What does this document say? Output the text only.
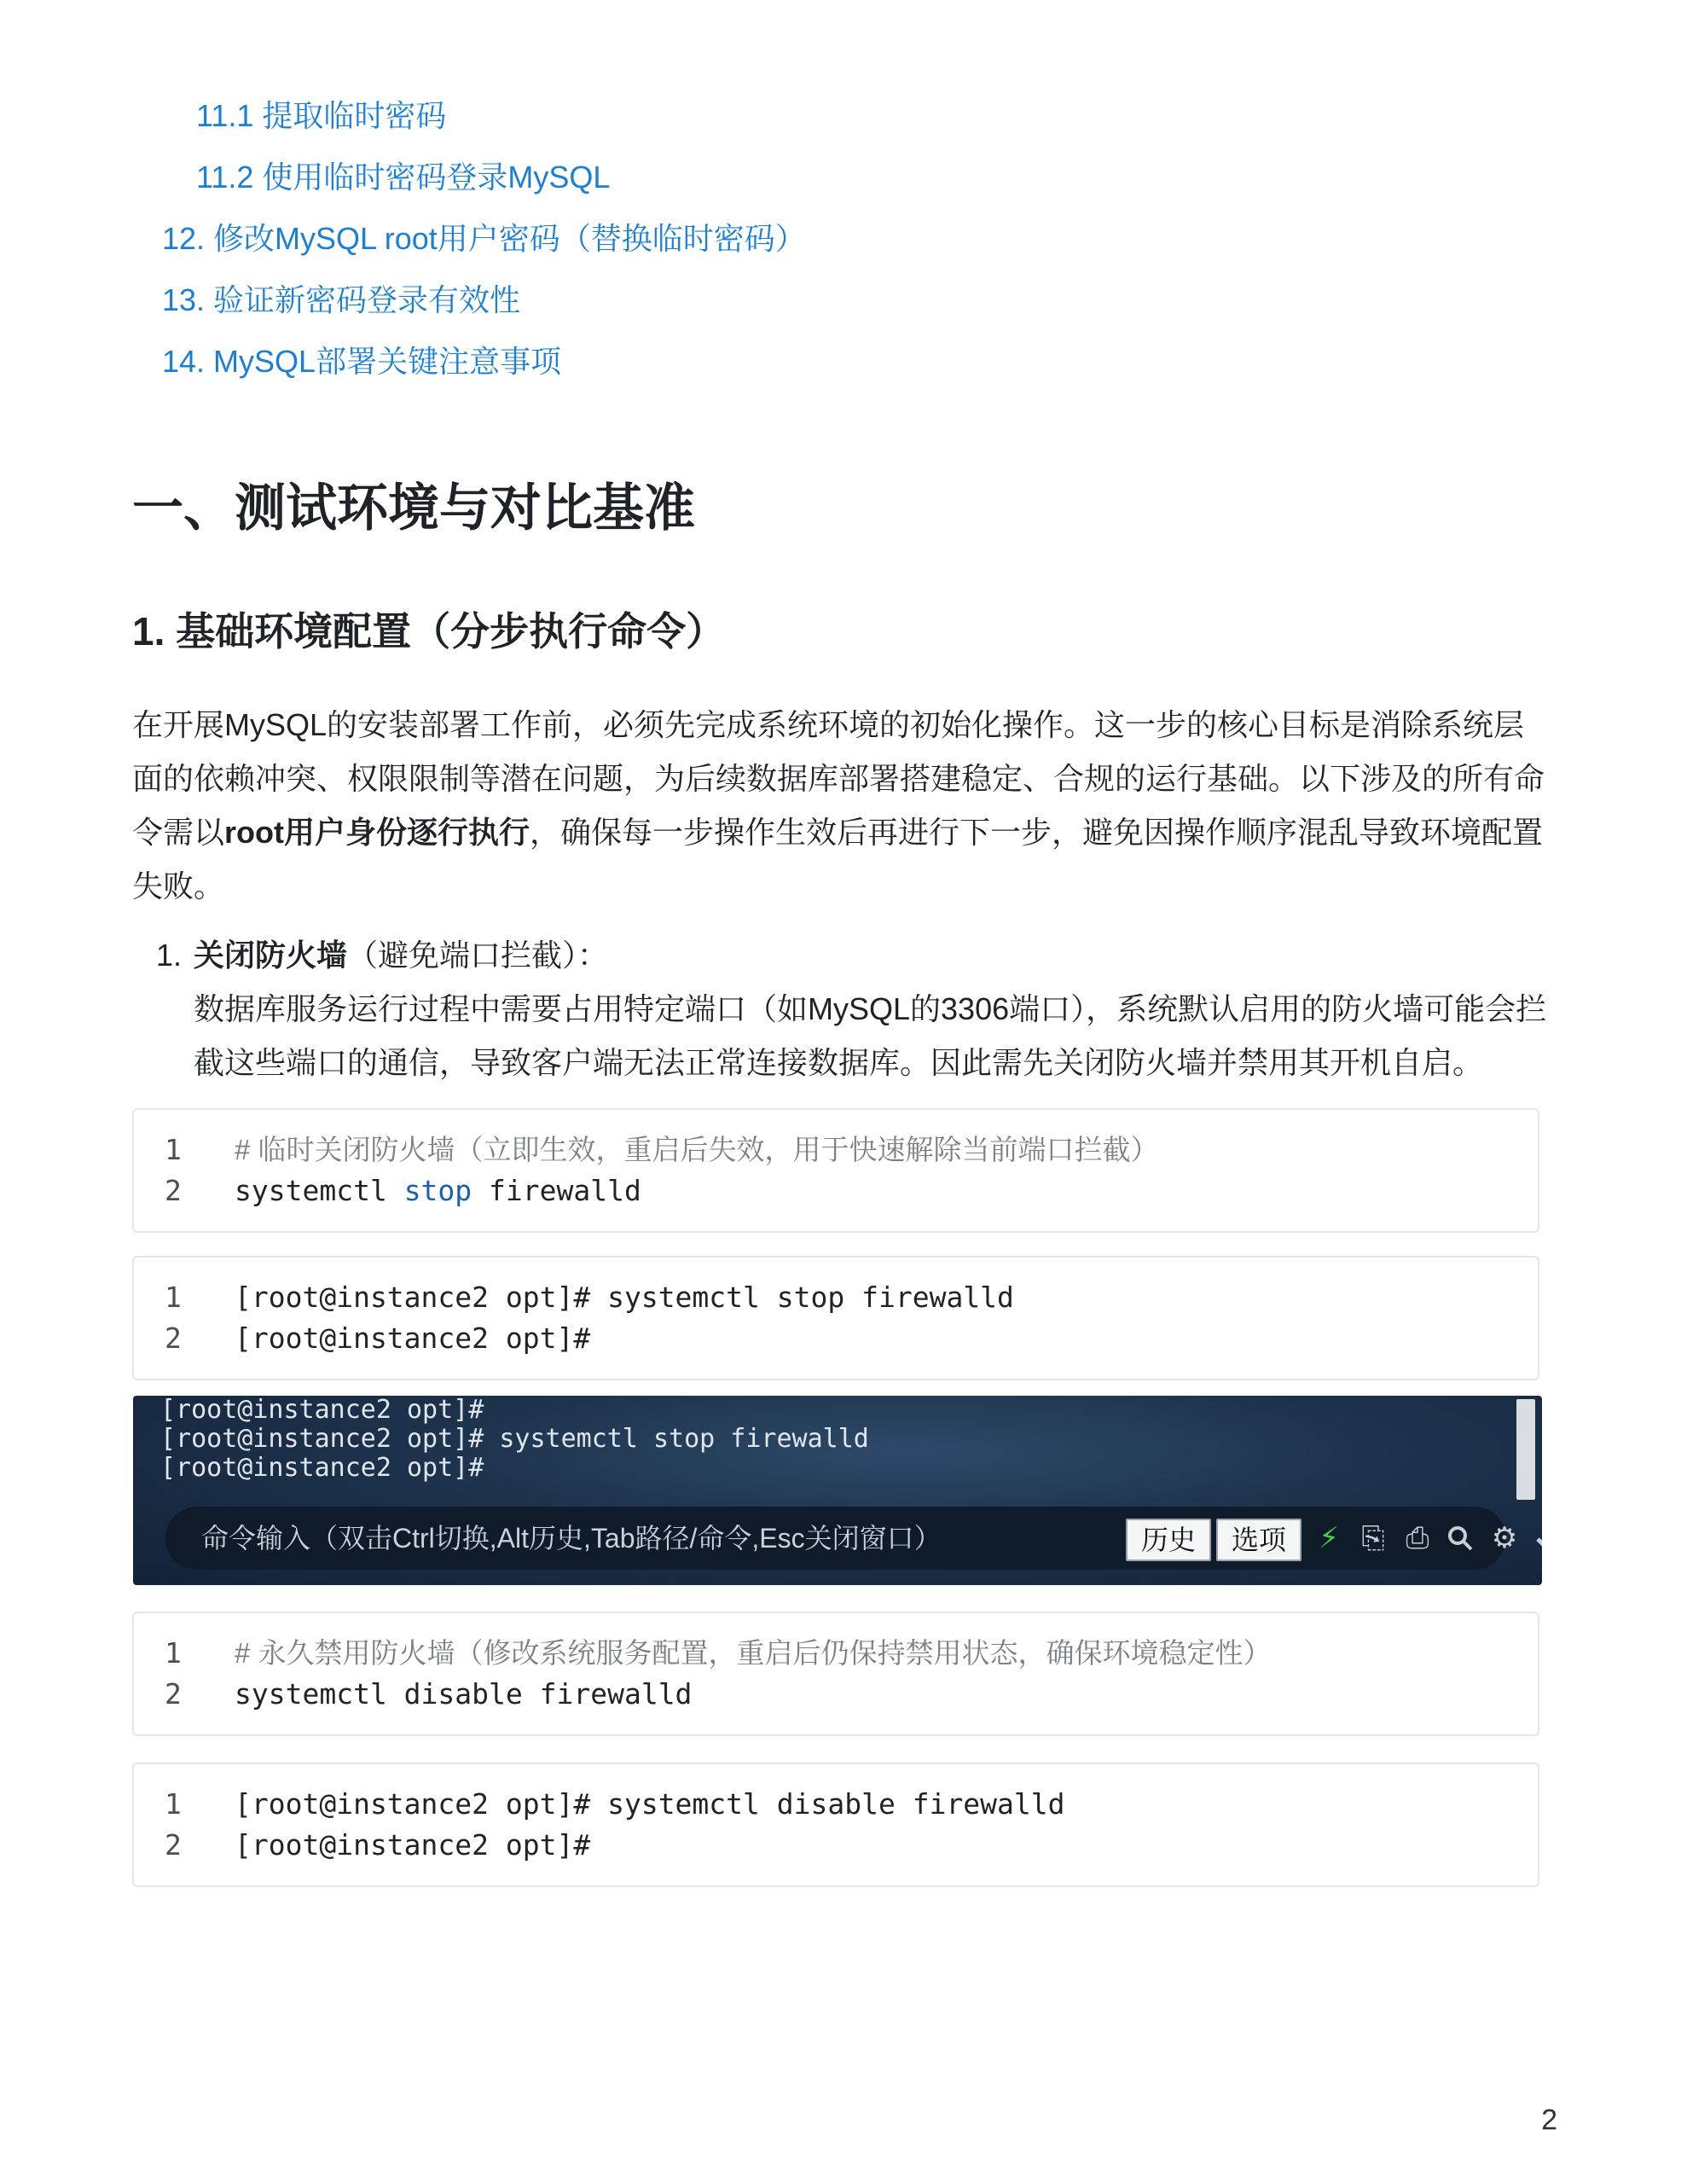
11.1 提取临时密码
11.2 使用临时密码登录MySQL
12. 修改MySQL root用户密码（替换临时密码）
13. 验证新密码登录有效性
14. MySQL部署关键注意事项
一、测试环境与对比基准
1. 基础环境配置（分步执行命令）

在开展MySQL的安装部署工作前，必须先完成系统环境的初始化操作。这一步的核心目标是消除系统层面的依赖冲突、权限限制等潜在问题，为后续数据库部署搭建稳定、合规的运行基础。以下涉及的所有命令需以root用户身份逐行执行，确保每一步操作生效后再进行下一步，避免因操作顺序混乱导致环境配置失败。

1. 关闭防火墙（避免端口拦截）：
数据库服务运行过程中需要占用特定端口（如MySQL的3306端口），系统默认启用的防火墙可能会拦截这些端口的通信，导致客户端无法正常连接数据库。因此需先关闭防火墙并禁用其开机自启。
1	# 临时关闭防火墙（立即生效，重启后失效，用于快速解除当前端口拦截）
2	systemctl stop firewalld
1	[root@instance2 opt]# systemctl stop firewalld
2	[root@instance2 opt]#
[root@instance2 opt]#
[root@instance2 opt]# systemctl stop firewalld
[root@instance2 opt]#
命令输入（双击Ctrl切换,Alt历史,Tab路径/命令,Esc关闭窗口）	历史	选项	⚡ ⎘ ⎙ ⚙
1	# 永久禁用防火墙（修改系统服务配置，重启后仍保持禁用状态，确保环境稳定性）
2	systemctl disable firewalld
1	[root@instance2 opt]# systemctl disable firewalld
2	[root@instance2 opt]#
2
